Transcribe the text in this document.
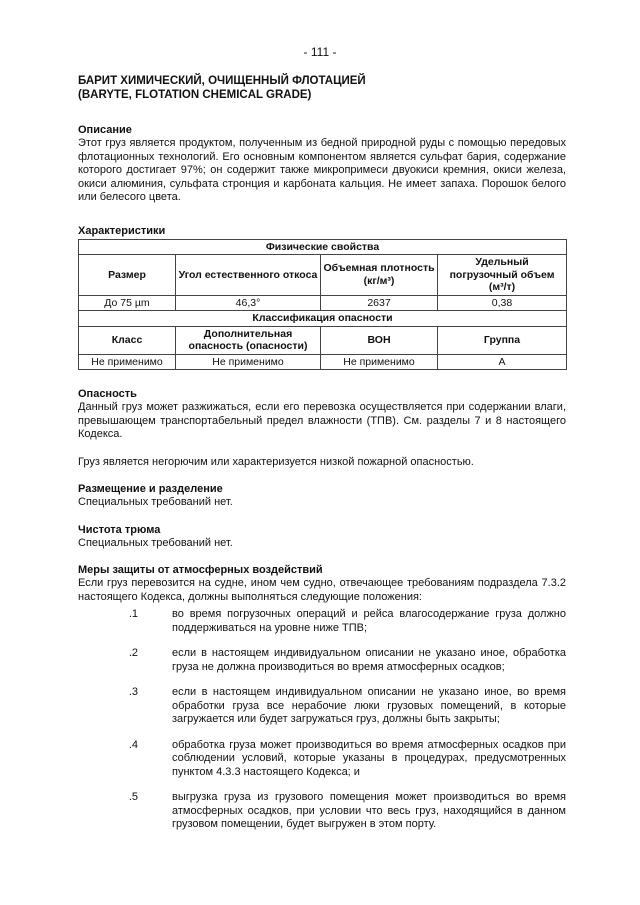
- 111 -
БАРИТ ХИМИЧЕСКИЙ, ОЧИЩЕННЫЙ ФЛОТАЦИЕЙ
(BARYTE, FLOTATION CHEMICAL GRADE)
Описание

Этот груз является продуктом, полученным из бедной природной руды с помощью передовых флотационных технологий. Его основным компонентом является сульфат бария, содержание которого достигает 97%; он содержит также микропримеси двуокиси кремния, окиси железа, окиси алюминия, сульфата стронция и карбоната кальция. Не имеет запаха. Порошок белого или белесого цвета.

Характеристики
Физические свойства			
Размер	Угол естественного откоса	Объемная плотность (кг/м³)	Удельный погрузочный объем (м³/т)
До 75 µm	46,3°	2637	0,38
Классификация опасности			
Класс	Дополнительная опасность (опасности)	ВОН	Группа
Не применимо	Не применимо	Не применимо	A
Опасность

Данный груз может разжижаться, если его перевозка осуществляется при содержании влаги, превышающем транспортабельный предел влажности (ТПВ). См. разделы 7 и 8 настоящего Кодекса.

Груз является негорючим или характеризуется низкой пожарной опасностью.

Размещение и разделение

Специальных требований нет.

Чистота трюма

Специальных требований нет.

Меры защиты от атмосферных воздействий

Если груз перевозится на судне, ином чем судно, отвечающее требованиям подраздела 7.3.2 настоящего Кодекса, должны выполняться следующие положения:

.1	во время погрузочных операций и рейса влагосодержание груза должно поддерживаться на уровне ниже ТПВ;
.2	если в настоящем индивидуальном описании не указано иное, обработка груза не должна производиться во время атмосферных осадков;
.3	если в настоящем индивидуальном описании не указано иное, во время обработки груза все нерабочие люки грузовых помещений, в которые загружается или будет загружаться груз, должны быть закрыты;
.4	обработка груза может производиться во время атмосферных осадков при соблюдении условий, которые указаны в процедурах, предусмотренных пунктом 4.3.3 настоящего Кодекса; и
.5	выгрузка груза из грузового помещения может производиться во время атмосферных осадков, при условии что весь груз, находящийся в данном грузовом помещении, будет выгружен в этом порту.
